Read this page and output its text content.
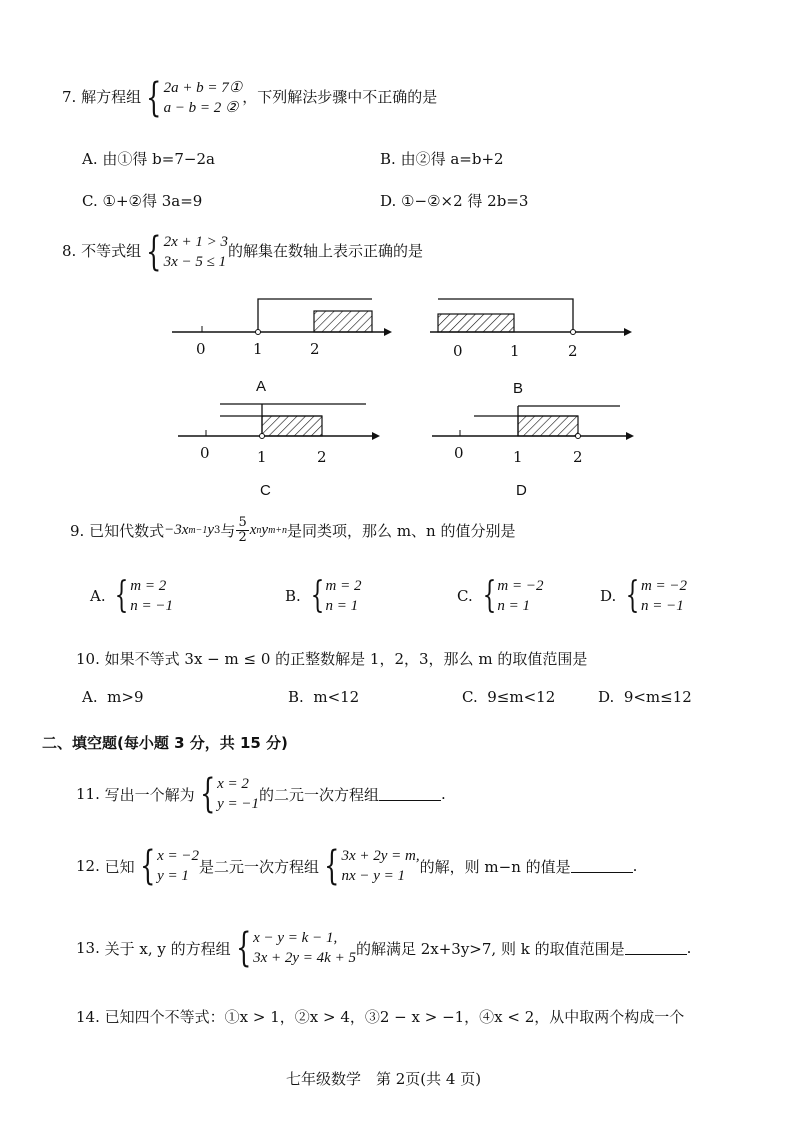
7. 解方程组 { 2a + b = 7①
a − b = 2 ②
，下列解法步骤中不正确的是
A. 由①得 b=7−2a	B. 由②得 a=b+2
C. ①+②得 3a=9	D. ①−②×2 得 2b=3
8. 不等式组 { 2x + 1 > 3
3x − 5 ≤ 1
的解集在数轴上表示正确的是
0	1	2	0	1	2
0	1	2	0	1	2
A	B
C	D
9.
已知代数式 −3x m−1 y 3 与 $\frac{5}{2}$ x n y m+n 是同类项，那么 m、n 的值分别是
A. { m = 2
n = −1
B. { m = 2
n = 1
C. { m = −2
n = 1
D. { m = −2
n = −1
10. 如果不等式 3x − m ≤ 0 的正整数解是 1，2，3，那么 m 的取值范围是
A. m>9	B. m<12	C. 9≤m<12	D. 9<m≤12
二、填空题(每小题 3 分，共 15 分)
11.
写出一个解为 { x = 2
y = −1
的二元一次方程组	.
12.
已知 { x = −2
y = 1
是二元一次方程组 { 3x + 2y = m,
nx − y = 1
的解，则 m−n 的值是	.
13.
关于 x, y 的方程组 { x − y = k − 1,
3x + 2y = 4k + 5
的解满足 2x+3y>7, 则 k 的取值范围是	.
14. 已知四个不等式：①x > 1，②x > 4，③2 − x > −1，④x < 2，从中取两个构成一个
七年级数学　第 2页(共 4 页)
